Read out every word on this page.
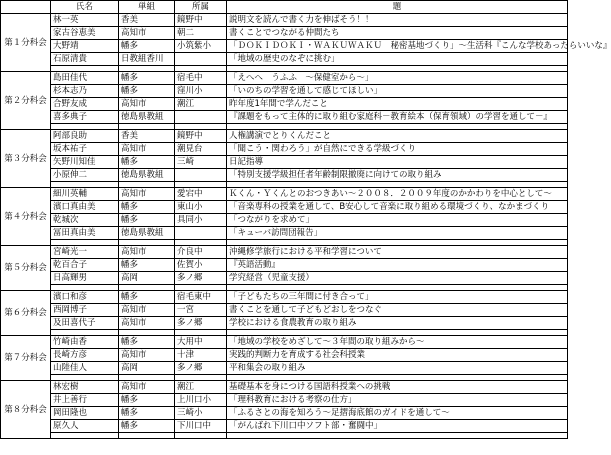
	氏名	単組	所属	題
第１分科会	林一英	香美	鏡野中	説明文を読んで書く力を伸ばそう！！
	家古谷恵美	高知市	朝二	書くことでつながる仲間たち
	大野靖	幡多	小筑紫小	「ＤＯＫＩＤＯＫＩ・ＷＡＫＵＷＡＫＵ　秘密基地づくり」～生活科『こんな学校あったらいいな』
	石原清貴	日教組香川		「地域の歴史のなぞに挑む」

第２分科会	島田佳代	幡多	宿毛中	「えへへ　うふふ　～保健室から～」
	杉本志乃	幡多	窪川小	「いのちの学習を通して感じてほしい」
	合野友成	高知市	潮江	昨年度1年間で学んだこと
	喜多典子	徳島県教組		『課題をもって主体的に取り組む家庭科－教育絵本（保育領域）の学習を通して－』

第３分科会	阿部良助	香美	鏡野中	人権講演でとりくんだこと
	坂本祐子	高知市	潮見台	「聞こう・関わろう」が自然にできる学級づくり
	矢野川知佳	幡多	三崎	日記指導
	小原伸二	徳島県教組		「特別支援学級担任者年齢制限撤廃に向けての取り組み

第４分科会	細川英輔	高知市	愛宕中	Ｋくん・Ｙくんとのおつきあい～２００８．２００９年度のかかわりを中心として～
	濱口真由美	幡多	東山小	「音楽専科の授業を通して、B安心して音楽に取り組める環境づくり、なかまづくり
	乾城次	幡多	具同小	「つながりを求めて」
	冨田真由美	徳島県教組		「キューバ訪問団報告」

第５分科会	宮崎光一	高知市	介良中	沖縄修学旅行における平和学習について
	乾百合子	幡多	佐賀小	『英語活動』
	日高輝男	高岡	多ノ郷	学究経営（児童支援）

第６分科会	濱口和彦	幡多	宿毛東中	「子どもたちの三年間に付き合って」
	西岡博子	高知市	一宮	書くことを通して子どもどおしをつなぐ
	及田喜代子	高知市	多ノ郷	学校における食農教育の取り組み

第７分科会	竹崎由香	幡多	大用中	「地域の学校をめざして～３年間の取り組みから～
	長崎方彦	高知市	十津	実践的判断力を育成する社会科授業
	山陸佳人	高岡	多ノ郷	平和集会の取り組み

第８分科会	林宏樹	高知市	潮江	基礎基本を身につける国語科授業への挑戦
	井上善行	幡多	上川口小	「理科教育における考察の仕方」
	岡田隆也	幡多	三崎小	「ふるさとの海を知ろう～足摺海底館のガイドを通して～
	原久人	幡多	下川口中	「がんばれ下川口中ソフト部・奮闘中」
